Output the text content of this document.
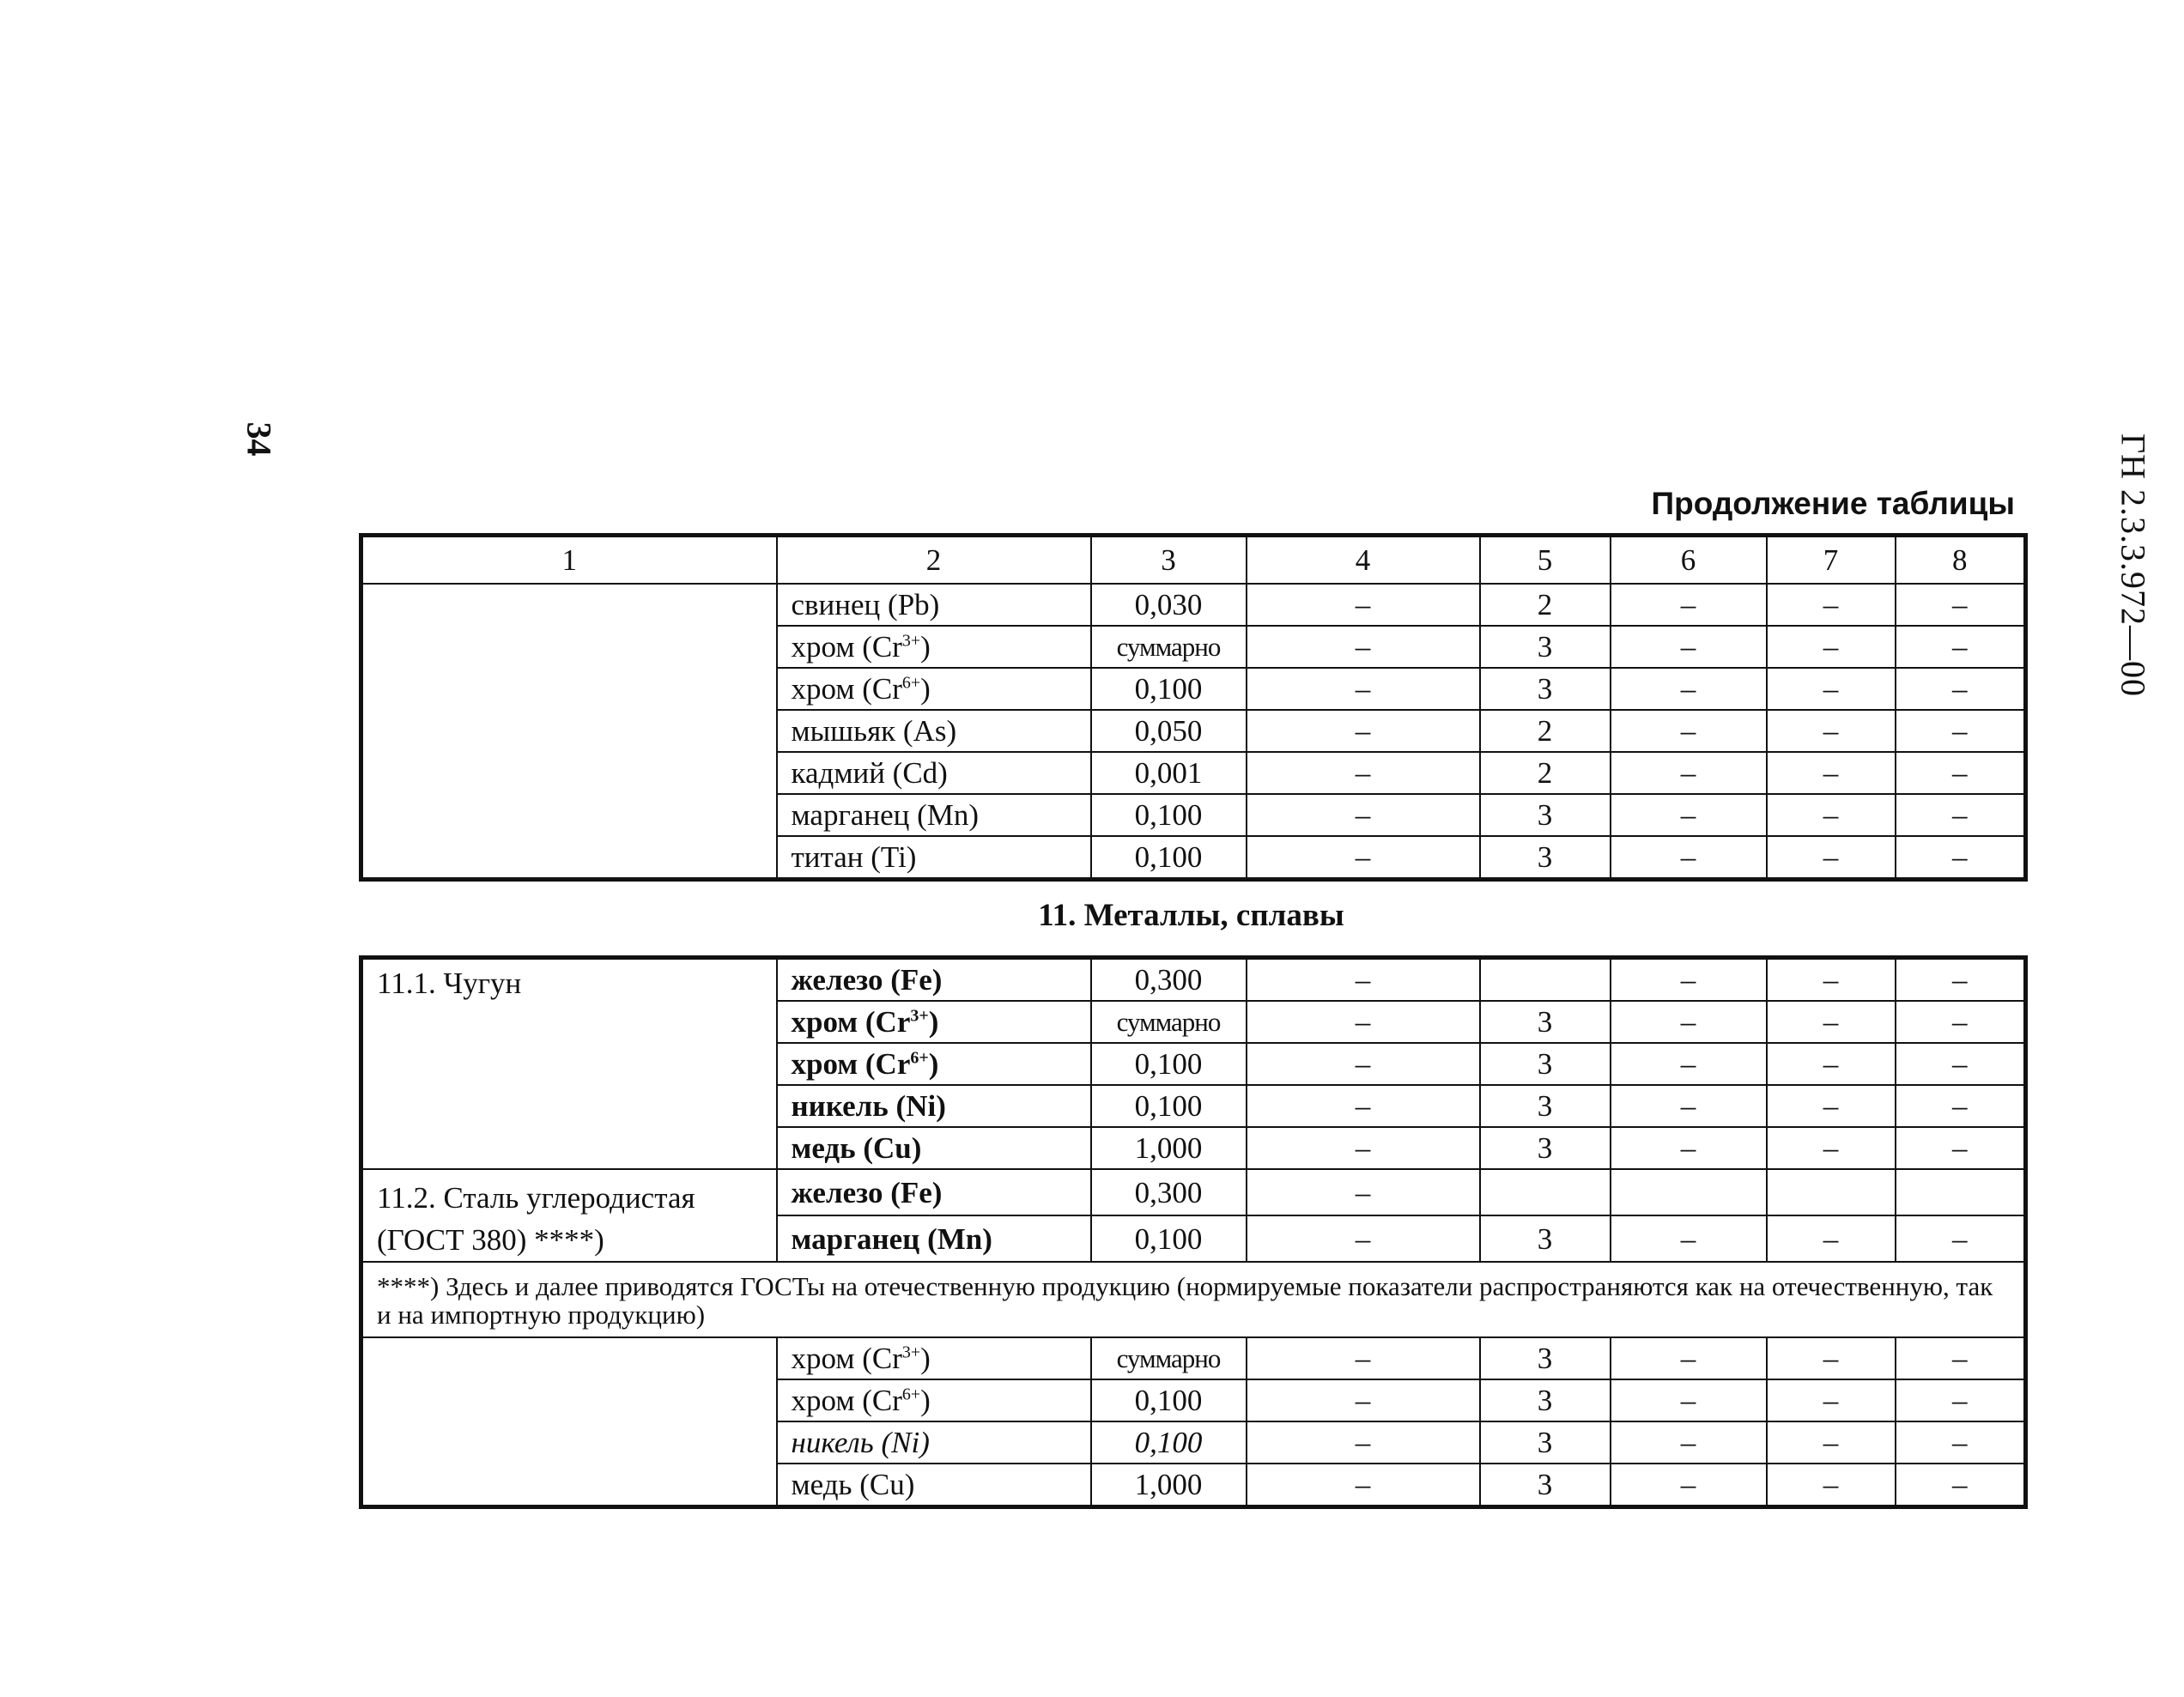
34	ГН 2.3.3.972—00
Продолжение таблицы
1	2	3	4	5	6	7	8
	свинец (Pb)	0,030	–	2	–	–	–
	хром $(Cr^{3+})$	суммарно	–	3	–	–	–
	хром $(Cr^{6+})$	0,100	–	3	–	–	–
	мышьяк (As)	0,050	–	2	–	–	–
	кадмий (Cd)	0,001	–	2	–	–	–
	марганец (Mn)	0,100	–	3	–	–	–
	титан (Ti)	0,100	–	3	–	–	–
11. Металлы, сплавы
11.1. Чугун	железо (Fe)	0,300	–		–	–	–
	хром $(Cr^{3+})$	суммарно	–	3	–	–	–
	хром $(Cr^{6+})$	0,100	–	3	–	–	–
	никель (Ni)	0,100	–	3	–	–	–
	медь (Cu)	1,000	–	3	–	–	–
11.2. Сталь углеродистая (ГОСТ 380) ****)	железо (Fe)	0,300	–				
	марганец (Mn)	0,100	–	3	–	–	–
****) Здесь и далее приводятся ГОСТы на отечественную продукцию (нормируемые показатели распространяются как на отечественную, так и на импортную продукцию)							
	хром $(Cr^{3+})$	суммарно	–	3	–	–	–
	хром $(Cr^{6+})$	0,100	–	3	–	–	–
	никель (Ni)	0,100	–	3	–	–	–
	медь (Cu)	1,000	–	3	–	–	–
